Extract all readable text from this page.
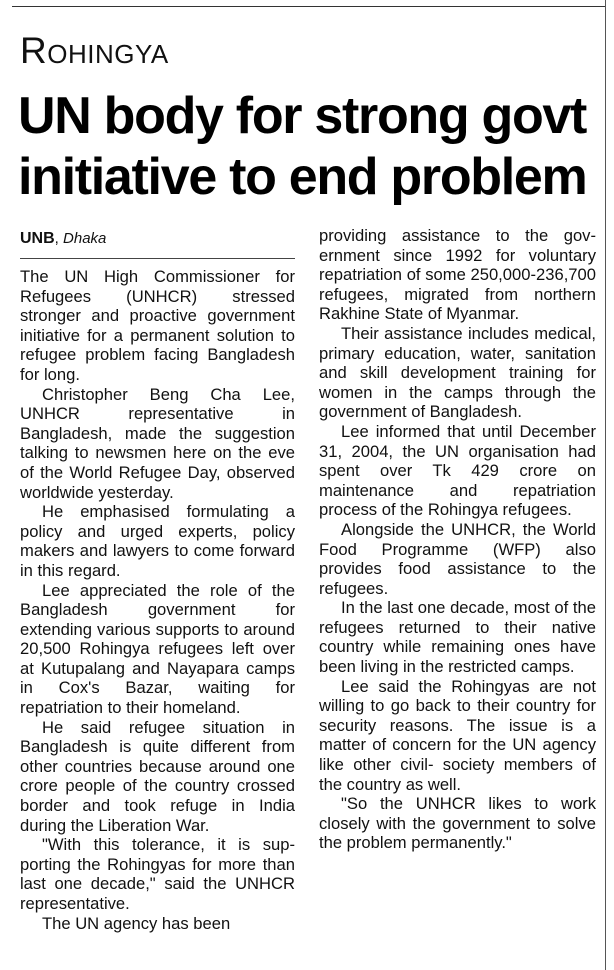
Rohingya
UN body for strong govt
initiative to end problem
UNB, Dhaka

The UN High Commissioner for Refugees (UNHCR) stressed stronger and proactive government initiative for a permanent solution to refugee problem facing Bangladesh for long.

Christopher Beng Cha Lee, UNHCR representative in Bangladesh, made the suggestion talking to newsmen here on the eve of the World Refugee Day, observed worldwide yesterday.

He emphasised formulating a policy and urged experts, policy makers and lawyers to come forward in this regard.

Lee appreciated the role of the Bangladesh government for extending various supports to around 20,500 Rohingya refugees left over at Kutupalang and Nayapara camps in Cox's Bazar, waiting for repatriation to their homeland.

He said refugee situation in Bangladesh is quite different from other countries because around one crore people of the country crossed border and took refuge in India during the Liberation War.

"With this tolerance, it is supporting the Rohingyas for more than last one decade," said the UNHCR representative.

The UN agency has been

providing assistance to the government since 1992 for voluntary repatriation of some 250,000-236,700 refugees, migrated from northern Rakhine State of Myanmar.

Their assistance includes medical, primary education, water, sanitation and skill development training for women in the camps through the government of Bangladesh.

Lee informed that until December 31, 2004, the UN organisation had spent over Tk 429 crore on maintenance and repatriation process of the Rohingya refugees.

Alongside the UNHCR, the World Food Programme (WFP) also provides food assistance to the refugees.

In the last one decade, most of the refugees returned to their native country while remaining ones have been living in the restricted camps.

Lee said the Rohingyas are not willing to go back to their country for security reasons. The issue is a matter of concern for the UN agency like other civil- society members of the country as well.

"So the UNHCR likes to work closely with the government to solve the problem permanently."
